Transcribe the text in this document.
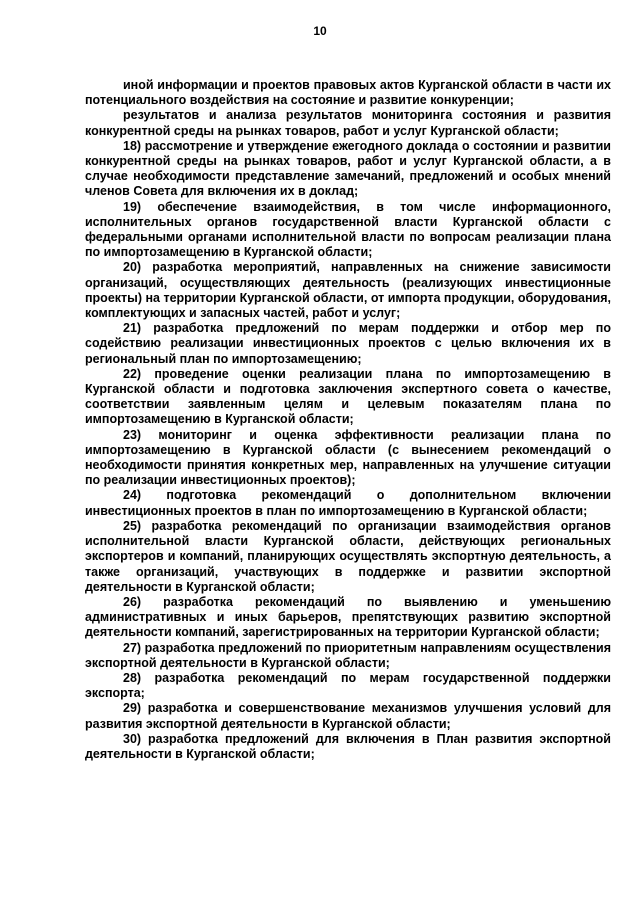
10

иной информации и проектов правовых актов Курганской области в части их потенциального воздействия на состояние и развитие конкуренции;

результатов и анализа результатов мониторинга состояния и развития конкурентной среды на рынках товаров, работ и услуг Курганской области;

18) рассмотрение и утверждение ежегодного доклада о состоянии и развитии конкурентной среды на рынках товаров, работ и услуг Курганской области, а в случае необходимости представление замечаний, предложений и особых мнений членов Совета для включения их в доклад;

19) обеспечение взаимодействия, в том числе информационного, исполнительных органов государственной власти Курганской области с федеральными органами исполнительной власти по вопросам реализации плана по импортозамещению в Курганской области;

20) разработка мероприятий, направленных на снижение зависимости организаций, осуществляющих деятельность (реализующих инвестиционные проекты) на территории Курганской области, от импорта продукции, оборудования, комплектующих и запасных частей, работ и услуг;

21) разработка предложений по мерам поддержки и отбор мер по содействию реализации инвестиционных проектов с целью включения их в региональный план по импортозамещению;

22) проведение оценки реализации плана по импортозамещению в Курганской области и подготовка заключения экспертного совета о качестве, соответствии заявленным целям и целевым показателям плана по импортозамещению в Курганской области;

23) мониторинг и оценка эффективности реализации плана по импортозамещению в Курганской области (с вынесением рекомендаций о необходимости принятия конкретных мер, направленных на улучшение ситуации по реализации инвестиционных проектов);

24) подготовка рекомендаций о дополнительном включении инвестиционных проектов в план по импортозамещению в Курганской области;

25) разработка рекомендаций по организации взаимодействия органов исполнительной власти Курганской области, действующих региональных экспортеров и компаний, планирующих осуществлять экспортную деятельность, а также организаций, участвующих в поддержке и развитии экспортной деятельности в Курганской области;

26) разработка рекомендаций по выявлению и уменьшению административных и иных барьеров, препятствующих развитию экспортной деятельности компаний, зарегистрированных на территории Курганской области;

27) разработка предложений по приоритетным направлениям осуществления экспортной деятельности в Курганской области;

28) разработка рекомендаций по мерам государственной поддержки экспорта;

29) разработка и совершенствование механизмов улучшения условий для развития экспортной деятельности в Курганской области;

30) разработка предложений для включения в План развития экспортной деятельности в Курганской области;
